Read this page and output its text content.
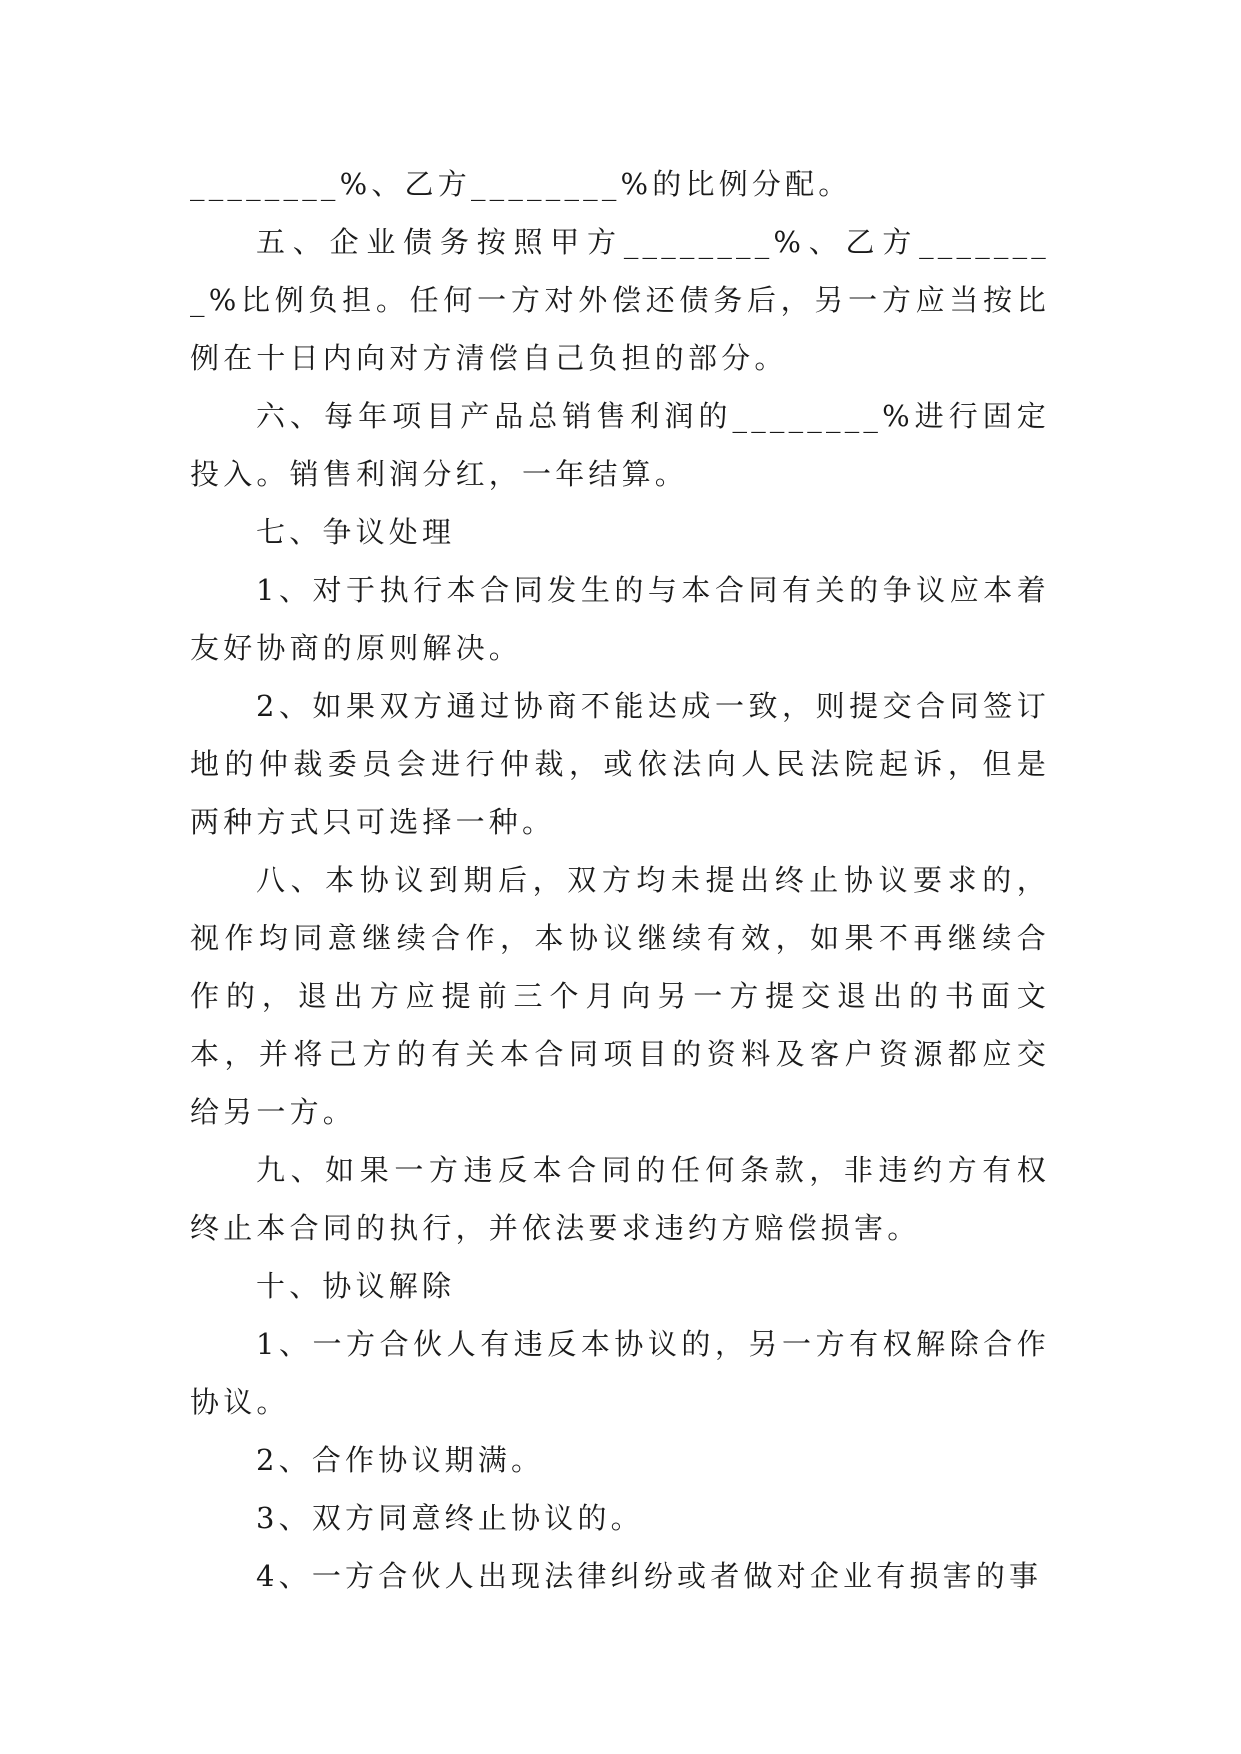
________%、乙方________%的比例分配。

五、企业债务按照甲方________%、乙方________%比例负担。任何一方对外偿还债务后，另一方应当按比例在十日内向对方清偿自己负担的部分。

六、每年项目产品总销售利润的________%进行固定投入。销售利润分红，一年结算。

七、争议处理

1、对于执行本合同发生的与本合同有关的争议应本着友好协商的原则解决。

2、如果双方通过协商不能达成一致，则提交合同签订地的仲裁委员会进行仲裁，或依法向人民法院起诉，但是两种方式只可选择一种。

八、本协议到期后，双方均未提出终止协议要求的，视作均同意继续合作，本协议继续有效，如果不再继续合作的，退出方应提前三个月向另一方提交退出的书面文本，并将己方的有关本合同项目的资料及客户资源都应交给另一方。

九、如果一方违反本合同的任何条款，非违约方有权终止本合同的执行，并依法要求违约方赔偿损害。

十、协议解除

1、一方合伙人有违反本协议的，另一方有权解除合作协议。

2、合作协议期满。

3、双方同意终止协议的。

4、一方合伙人出现法律纠纷或者做对企业有损害的事
